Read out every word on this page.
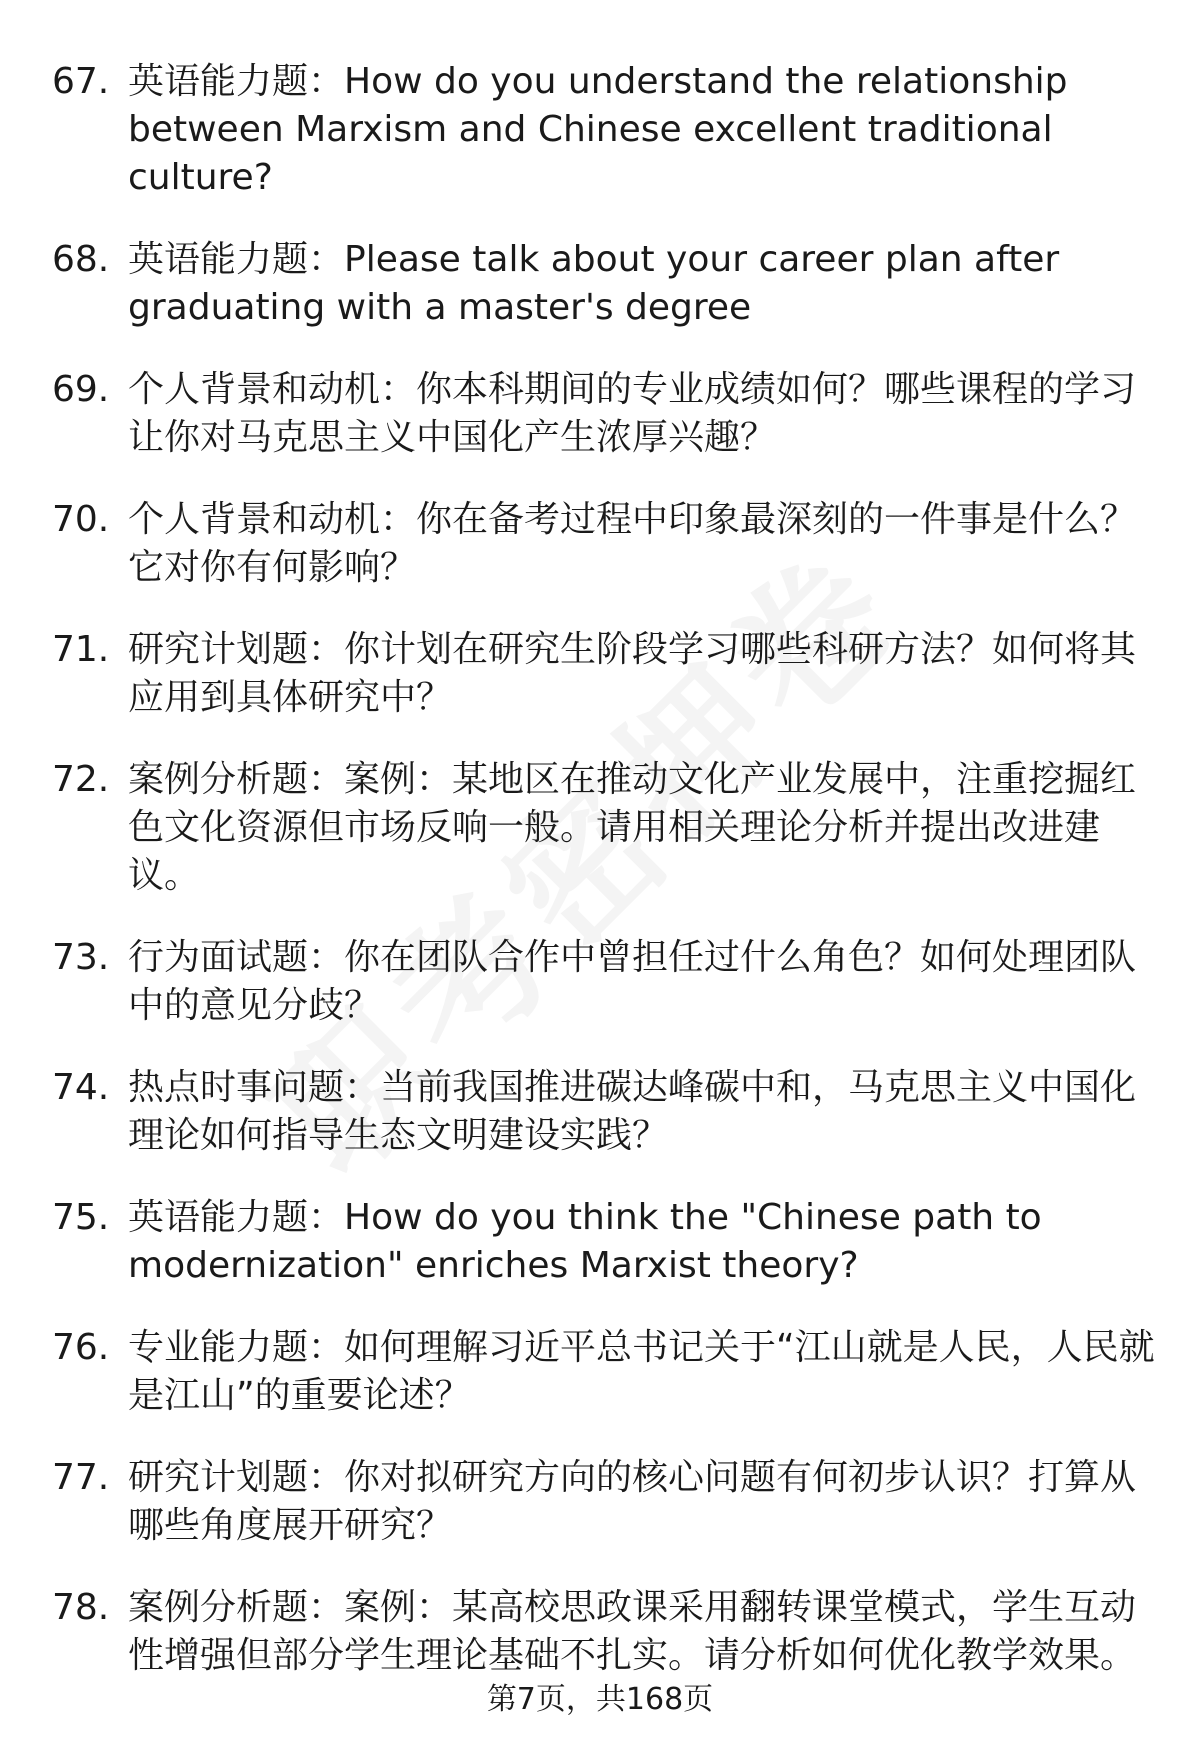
67. 英语能力题：How do you understand the relationship between Marxism and Chinese excellent traditional culture?
68. 英语能力题：Please talk about your career plan after graduating with a master's degree
69. 个人背景和动机：你本科期间的专业成绩如何？哪些课程的学习让你对马克思主义中国化产生浓厚兴趣？
70. 个人背景和动机：你在备考过程中印象最深刻的一件事是什么？它对你有何影响？
71. 研究计划题：你计划在研究生阶段学习哪些科研方法？如何将其应用到具体研究中？
72. 案例分析题：案例：某地区在推动文化产业发展中，注重挖掘红色文化资源但市场反响一般。请用相关理论分析并提出改进建议。
73. 行为面试题：你在团队合作中曾担任过什么角色？如何处理团队中的意见分歧？
74. 热点时事问题：当前我国推进碳达峰碳中和，马克思主义中国化理论如何指导生态文明建设实践？
75. 英语能力题：How do you think the "Chinese path to modernization" enriches Marxist theory?
76. 专业能力题：如何理解习近平总书记关于“江山就是人民，人民就是江山”的重要论述？
77. 研究计划题：你对拟研究方向的核心问题有何初步认识？打算从哪些角度展开研究？
78. 案例分析题：案例：某高校思政课采用翻转课堂模式，学生互动性增强但部分学生理论基础不扎实。请分析如何优化教学效果。
第7页，共168页
